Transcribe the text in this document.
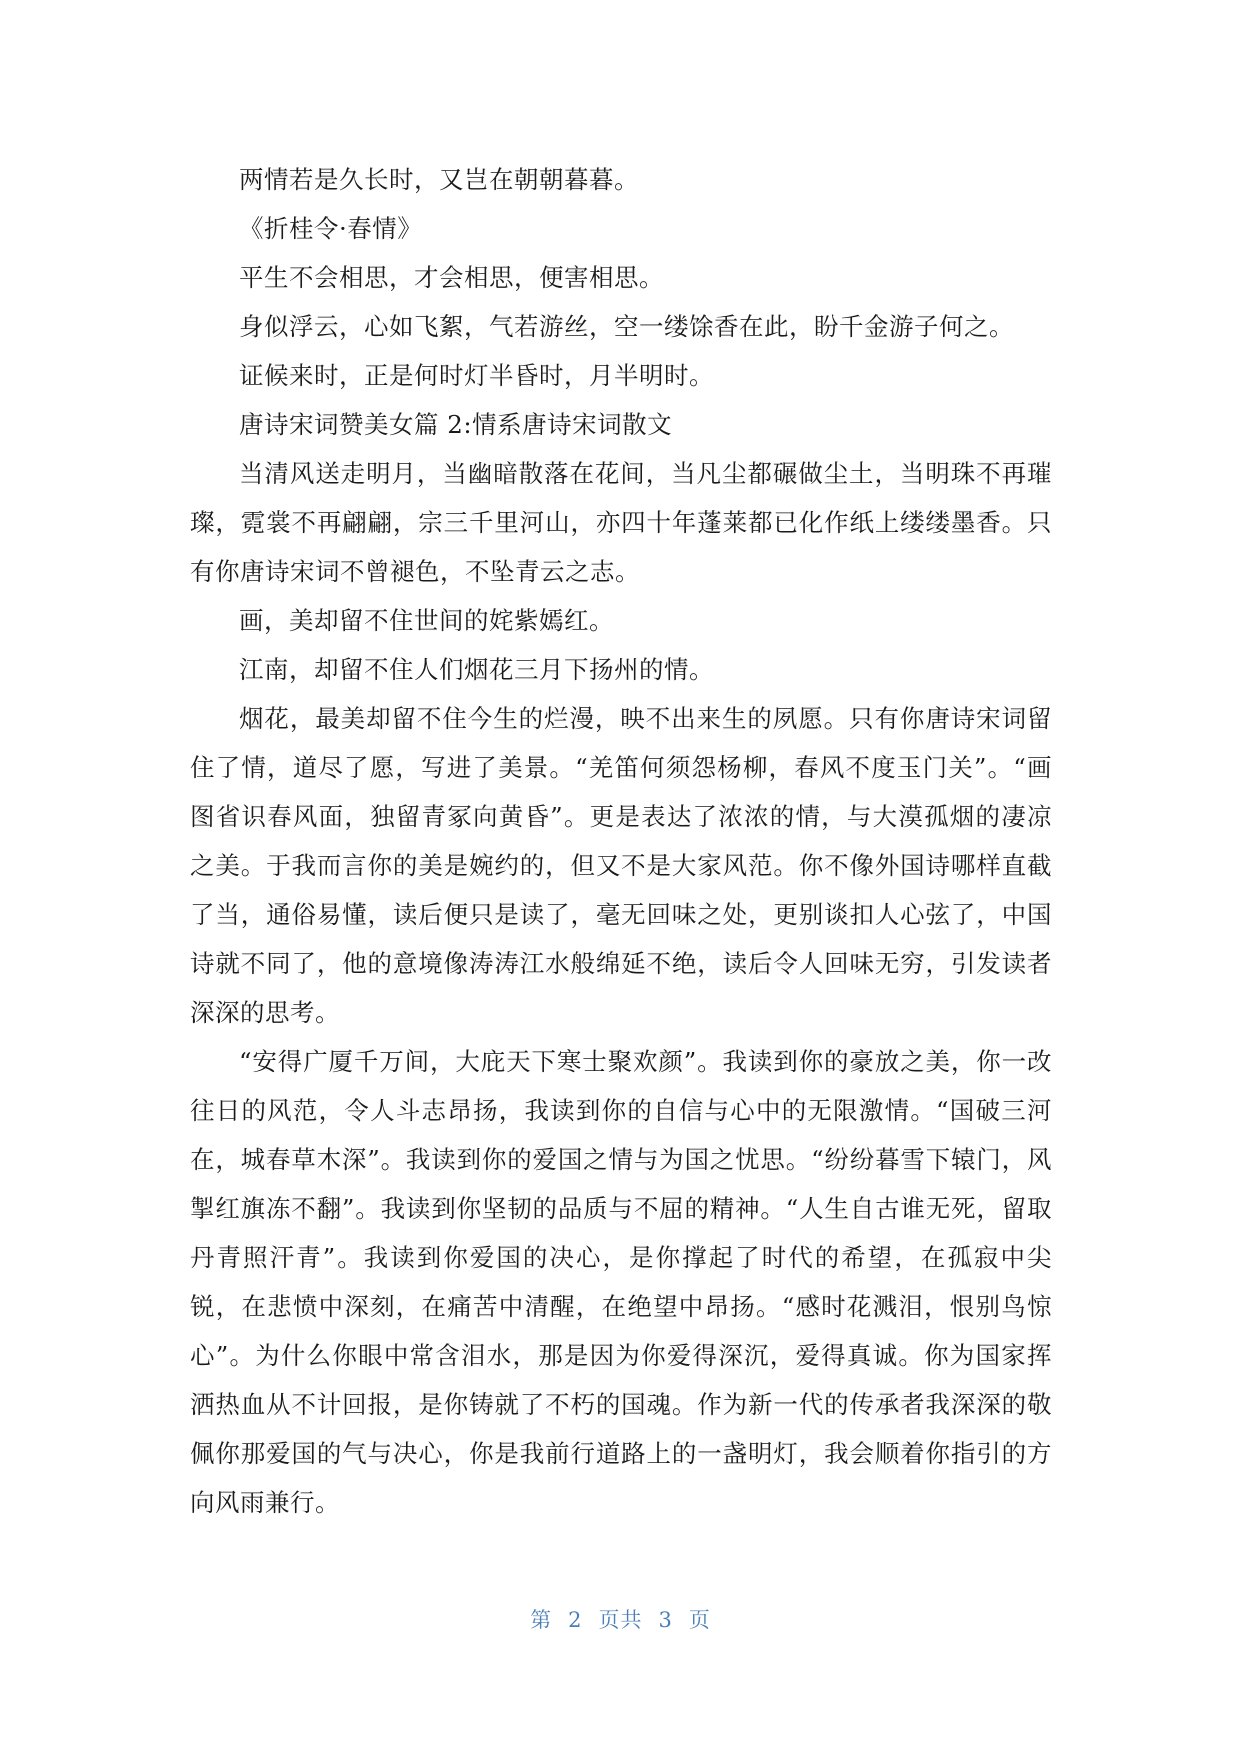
两情若是久长时，又岂在朝朝暮暮。

《折桂令·春情》

平生不会相思，才会相思，便害相思。

身似浮云，心如飞絮，气若游丝，空一缕馀香在此，盼千金游子何之。

证候来时，正是何时灯半昏时，月半明时。

唐诗宋词赞美女篇 2:情系唐诗宋词散文

当清风送走明月，当幽暗散落在花间，当凡尘都碾做尘土，当明珠不再璀璨，霓裳不再翩翩，宗三千里河山，亦四十年蓬莱都已化作纸上缕缕墨香。只有你唐诗宋词不曾褪色，不坠青云之志。

画，美却留不住世间的姹紫嫣红。

江南，却留不住人们烟花三月下扬州的情。

烟花，最美却留不住今生的烂漫，映不出来生的夙愿。只有你唐诗宋词留住了情，道尽了愿，写进了美景。“羌笛何须怨杨柳，春风不度玉门关”。“画图省识春风面，独留青冢向黄昏”。更是表达了浓浓的情，与大漠孤烟的凄凉之美。于我而言你的美是婉约的，但又不是大家风范。你不像外国诗哪样直截了当，通俗易懂，读后便只是读了，毫无回味之处，更别谈扣人心弦了，中国诗就不同了，他的意境像涛涛江水般绵延不绝，读后令人回味无穷，引发读者深深的思考。

“安得广厦千万间，大庇天下寒士聚欢颜”。我读到你的豪放之美，你一改往日的风范，令人斗志昂扬，我读到你的自信与心中的无限激情。“国破三河在，城春草木深”。我读到你的爱国之情与为国之忧思。“纷纷暮雪下辕门，风掣红旗冻不翻”。我读到你坚韧的品质与不屈的精神。“人生自古谁无死，留取丹青照汗青”。我读到你爱国的决心，是你撑起了时代的希望，在孤寂中尖锐，在悲愤中深刻，在痛苦中清醒，在绝望中昂扬。“感时花溅泪，恨别鸟惊心”。为什么你眼中常含泪水，那是因为你爱得深沉，爱得真诚。你为国家挥洒热血从不计回报，是你铸就了不朽的国魂。作为新一代的传承者我深深的敬佩你那爱国的气与决心，你是我前行道路上的一盏明灯，我会顺着你指引的方向风雨兼行。

第 2 页共 3 页
